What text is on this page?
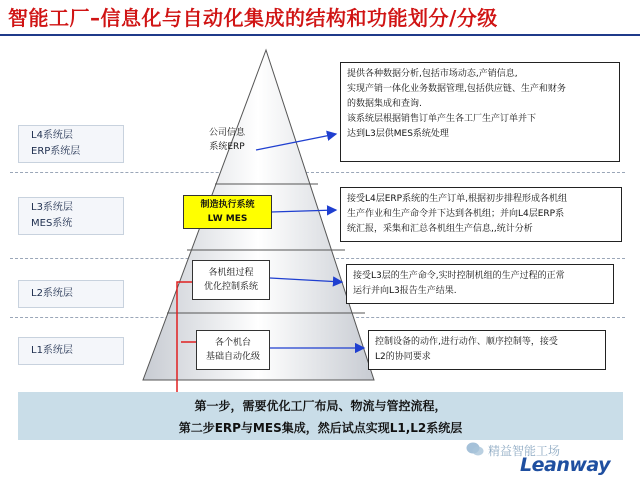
智能工厂–信息化与自动化集成的结构和功能划分/分级
L4系统层
ERP系统层
L3系统层
MES系统
L2系统层
L1系统层
公司信息
系统ERP
制造执行系统
LW MES
各机组过程
优化控制系统
各个机台
基础自动化级
提供各种数据分析,包括市场动态,产销信息,
实现产销一体化业务数据管理,包括供应链、生产和财务
的数据集成和查询.
该系统层根据销售订单产生各工厂生产订单并下
达到L3层供MES系统处理
接受L4层ERP系统的生产订单,根据初步排程形成各机组
生产作业和生产命令并下达到各机组；并向L4层ERP系
统汇报，采集和汇总各机组生产信息,,统计分析
接受L3层的生产命令,实时控制机组的生产过程的正常
运行并向L3报告生产结果.
控制设备的动作,进行动作、顺序控制等，接受
L2的协同要求
第一步，需要优化工厂布局、物流与管控流程，
第二步ERP与MES集成，然后试点实现L1,L2系统层
精益智能工场
Leanway
